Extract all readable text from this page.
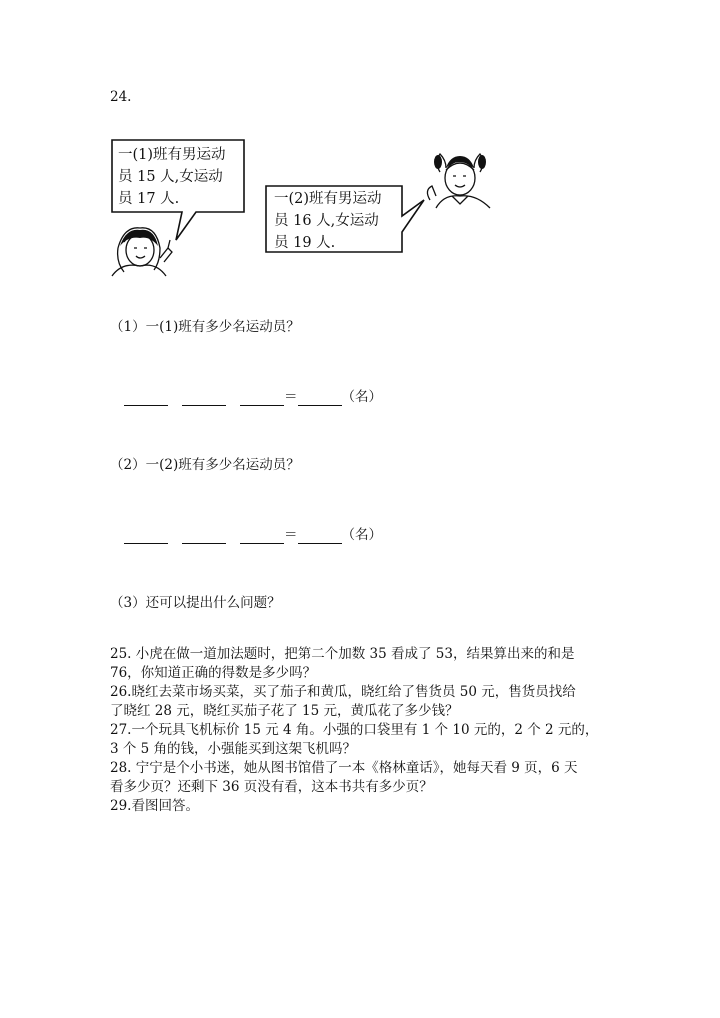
24.
一(1)班有男运动
员 15 人,女运动
员 17 人.	一(2)班有男运动
员 16 人,女运动
员 19 人.
（1）一(1)班有多少名运动员？
＝	（名）
（2）一(2)班有多少名运动员？
＝	（名）
（3）还可以提出什么问题？
25. 小虎在做一道加法题时，把第二个加数 35 看成了 53，结果算出来的和是
76，你知道正确的得数是多少吗？
26.晓红去菜市场买菜，买了茄子和黄瓜，晓红给了售货员 50 元，售货员找给
了晓红 28 元，晓红买茄子花了 15 元，黄瓜花了多少钱？
27.一个玩具飞机标价 15 元 4 角。小强的口袋里有 1 个 10 元的，2 个 2 元的，
3 个 5 角的钱，小强能买到这架飞机吗？
28. 宁宁是个小书迷，她从图书馆借了一本《格林童话》，她每天看 9 页，6 天
看多少页？还剩下 36 页没有看，这本书共有多少页？
29.看图回答。
